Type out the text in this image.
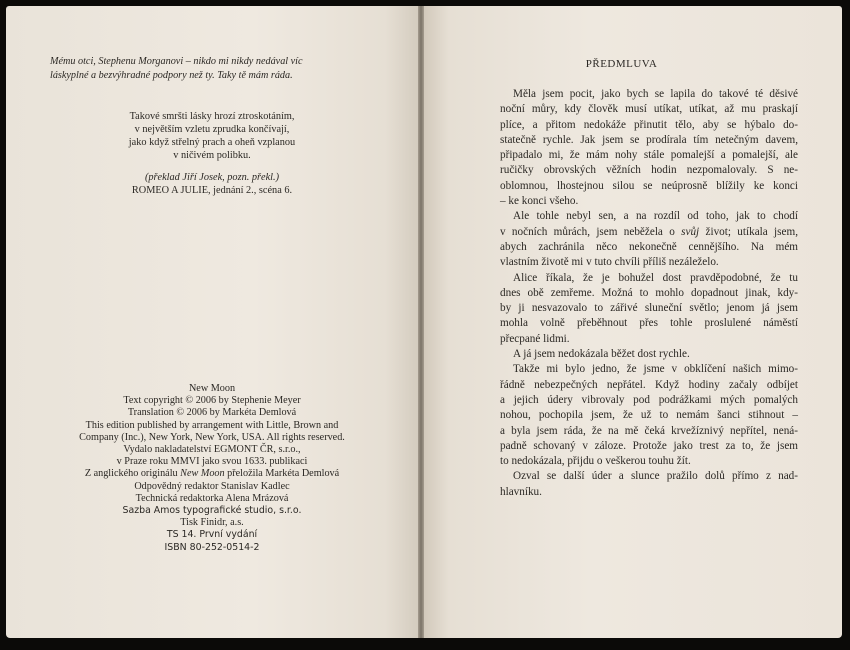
Mému otci, Stephenu Morganovi – nikdo mi nikdy nedával víc
láskyplné a bezvýhradné podpory než ty. Taky tě mám ráda.
Takové smršti lásky hrozí ztroskotáním,
v největším vzletu zprudka končívají,
jako když střelný prach a oheň vzplanou
v ničivém polibku.
(překlad Jiří Josek, pozn. překl.)
ROMEO A JULIE, jednání 2., scéna 6.
New Moon
Text copyright © 2006 by Stephenie Meyer
Translation © 2006 by Markéta Demlová
This edition published by arrangement with Little, Brown and
Company (Inc.), New York, New York, USA. All rights reserved.
Vydalo nakladatelství EGMONT ČR, s.r.o.,
v Praze roku MMVI jako svou 1633. publikaci
Z anglického originálu New Moon přeložila Markéta Demlová
Odpovědný redaktor Stanislav Kadlec
Technická redaktorka Alena Mrázová
Sazba Amos typografické studio, s.r.o.
Tisk Finidr, a.s.
TS 14. První vydání
ISBN 80-252-0514-2
PŘEDMLUVA
Měla jsem pocit, jako bych se lapila do takové té děsivé
noční můry, kdy člověk musí utíkat, utíkat, až mu praskají
plíce, a přitom nedokáže přinutit tělo, aby se hýbalo do-
statečně rychle. Jak jsem se prodírala tím netečným davem,
připadalo mi, že mám nohy stále pomalejší a pomalejší, ale
ručičky obrovských věžních hodin nezpomalovaly. S ne-
oblomnou, lhostejnou silou se neúprosně blížily ke konci
– ke konci všeho.
Ale tohle nebyl sen, a na rozdíl od toho, jak to chodí
v nočních můrách, jsem neběžela o svůj život; utíkala jsem,
abych zachránila něco nekonečně cennějšího. Na mém
vlastním životě mi v tuto chvíli příliš nezáleželo.
Alice říkala, že je bohužel dost pravděpodobné, že tu
dnes obě zemřeme. Možná to mohlo dopadnout jinak, kdy-
by ji nesvazovalo to zářivé sluneční světlo; jenom já jsem
mohla volně přeběhnout přes tohle proslulené náměstí
přecpané lidmi.
A já jsem nedokázala běžet dost rychle.
Takže mi bylo jedno, že jsme v obklíčení našich mimo-
řádně nebezpečných nepřátel. Když hodiny začaly odbíjet
a jejich údery vibrovaly pod podrážkami mých pomalých
nohou, pochopila jsem, že už to nemám šanci stihnout –
a byla jsem ráda, že na mě čeká krvežíznivý nepřítel, nená-
padně schovaný v záloze. Protože jako trest za to, že jsem
to nedokázala, přijdu o veškerou touhu žít.
Ozval se další úder a slunce pražilo dolů přímo z nad-
hlavníku.
